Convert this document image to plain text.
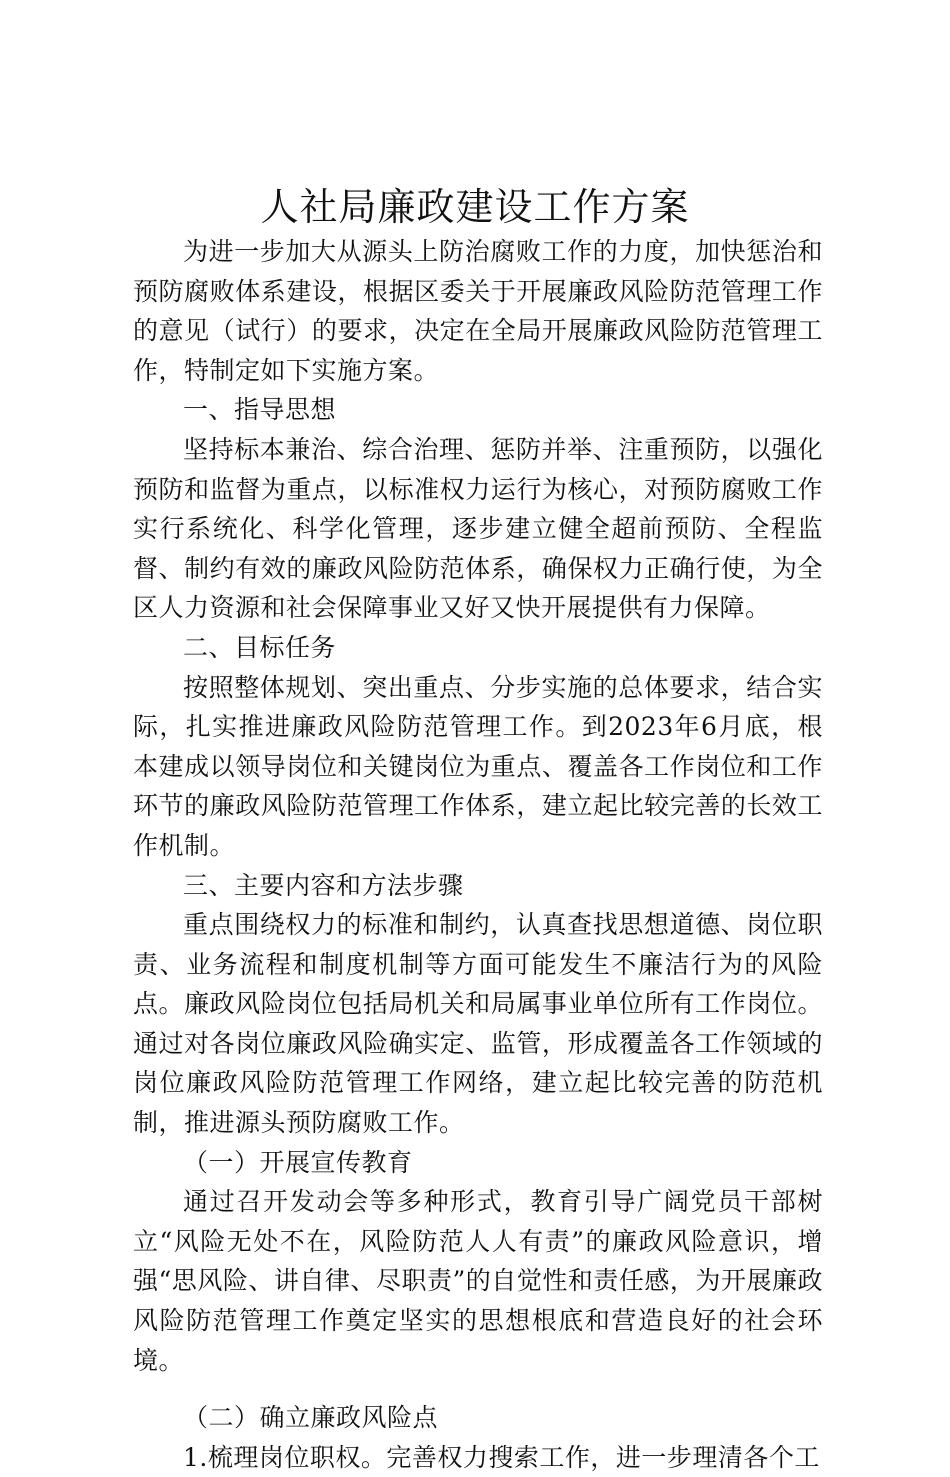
人社局廉政建设工作方案

为进一步加大从源头上防治腐败工作的力度，加快惩治和预防腐败体系建设，根据区委关于开展廉政风险防范管理工作的意见（试行）的要求，决定在全局开展廉政风险防范管理工作，特制定如下实施方案。

一、指导思想

坚持标本兼治、综合治理、惩防并举、注重预防，以强化预防和监督为重点，以标准权力运行为核心，对预防腐败工作实行系统化、科学化管理，逐步建立健全超前预防、全程监督、制约有效的廉政风险防范体系，确保权力正确行使，为全区人力资源和社会保障事业又好又快开展提供有力保障。

二、目标任务

按照整体规划、突出重点、分步实施的总体要求，结合实际，扎实推进廉政风险防范管理工作。到2023年6月底，根本建成以领导岗位和关键岗位为重点、覆盖各工作岗位和工作环节的廉政风险防范管理工作体系，建立起比较完善的长效工作机制。

三、主要内容和方法步骤

重点围绕权力的标准和制约，认真查找思想道德、岗位职责、业务流程和制度机制等方面可能发生不廉洁行为的风险点。廉政风险岗位包括局机关和局属事业单位所有工作岗位。通过对各岗位廉政风险确实定、监管，形成覆盖各工作领域的岗位廉政风险防范管理工作网络，建立起比较完善的防范机制，推进源头预防腐败工作。

（一）开展宣传教育

通过召开发动会等多种形式，教育引导广阔党员干部树立“风险无处不在，风险防范人人有责”的廉政风险意识，增强“思风险、讲自律、尽职责”的自觉性和责任感，为开展廉政风险防范管理工作奠定坚实的思想根底和营造良好的社会环境。

（二）确立廉政风险点

1.梳理岗位职权。完善权力搜索工作，进一步理清各个工
